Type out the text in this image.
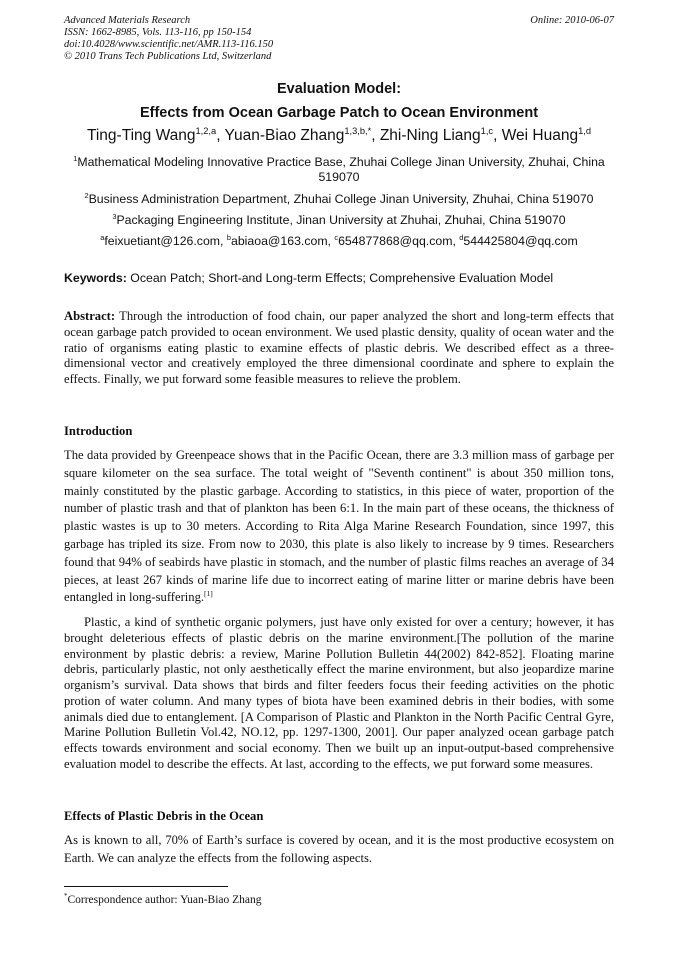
Advanced Materials Research
ISSN: 1662-8985, Vols. 113-116, pp 150-154
doi:10.4028/www.scientific.net/AMR.113-116.150
© 2010 Trans Tech Publications Ltd, Switzerland
Online: 2010-06-07
Evaluation Model:
Effects from Ocean Garbage Patch to Ocean Environment
Ting-Ting Wang$^{1,2,a}$, Yuan-Biao Zhang$^{1,3,b,*}$, Zhi-Ning Liang$^{1,c}$, Wei Huang$^{1,d}$
$^1$Mathematical Modeling Innovative Practice Base, Zhuhai College Jinan University, Zhuhai, China 519070
$^2$Business Administration Department, Zhuhai College Jinan University, Zhuhai, China 519070
$^3$Packaging Engineering Institute, Jinan University at Zhuhai, Zhuhai, China 519070
$^a$feixuetiant@126.com, $^b$abiaoa@163.com, $^c$654877868@qq.com, $^d$544425804@qq.com
Keywords: Ocean Patch; Short-and Long-term Effects; Comprehensive Evaluation Model

Abstract: Through the introduction of food chain, our paper analyzed the short and long-term effects that ocean garbage patch provided to ocean environment. We used plastic density, quality of ocean water and the ratio of organisms eating plastic to examine effects of plastic debris. We described effect as a three-dimensional vector and creatively employed the three dimensional coordinate and sphere to explain the effects. Finally, we put forward some feasible measures to relieve the problem.

Introduction

The data provided by Greenpeace shows that in the Pacific Ocean, there are 3.3 million mass of garbage per square kilometer on the sea surface. The total weight of "Seventh continent" is about 350 million tons, mainly constituted by the plastic garbage. According to statistics, in this piece of water, proportion of the number of plastic trash and that of plankton has been 6:1. In the main part of these oceans, the thickness of plastic wastes is up to 30 meters. According to Rita Alga Marine Research Foundation, since 1997, this garbage has tripled its size. From now to 2030, this plate is also likely to increase by 9 times. Researchers found that 94% of seabirds have plastic in stomach, and the number of plastic films reaches an average of 34 pieces, at least 267 kinds of marine life due to incorrect eating of marine litter or marine debris have been entangled in long-suffering.[1]

Plastic, a kind of synthetic organic polymers, just have only existed for over a century; however, it has brought deleterious effects of plastic debris on the marine environment.[The pollution of the marine environment by plastic debris: a review, Marine Pollution Bulletin 44(2002) 842-852]. Floating marine debris, particularly plastic, not only aesthetically effect the marine environment, but also jeopardize marine organism’s survival. Data shows that birds and filter feeders focus their feeding activities on the photic protion of water column. And many types of biota have been examined debris in their bodies, with some animals died due to entanglement. [A Comparison of Plastic and Plankton in the North Pacific Central Gyre, Marine Pollution Bulletin Vol.42, NO.12, pp. 1297-1300, 2001]. Our paper analyzed ocean garbage patch effects towards environment and social economy. Then we built up an input-output-based comprehensive evaluation model to describe the effects. At last, according to the effects, we put forward some measures.

Effects of Plastic Debris in the Ocean

As is known to all, 70% of Earth’s surface is covered by ocean, and it is the most productive ecosystem on Earth. We can analyze the effects from the following aspects.

*Correspondence author: Yuan-Biao Zhang
